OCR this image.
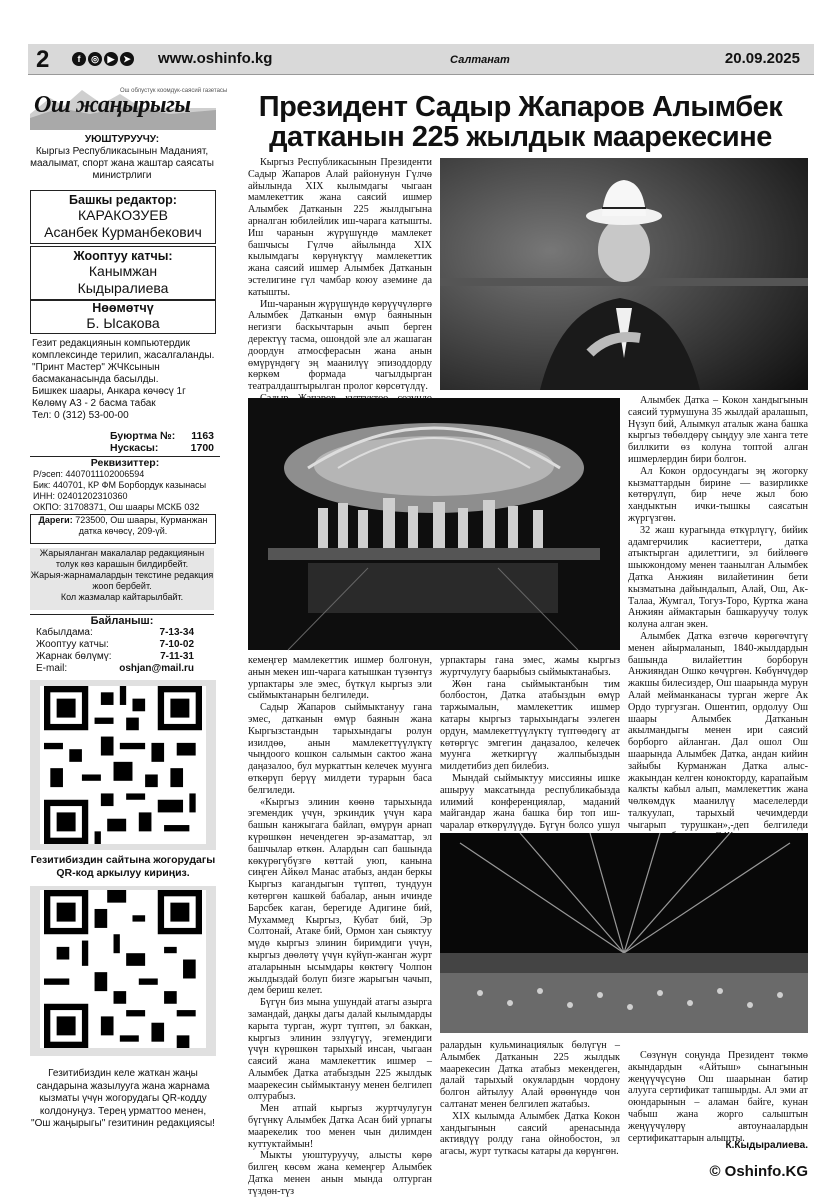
2	f	◎ ▶ ➤ www.oshinfo.kg	Салтанат	20.09.2025
Ош жаңырыгы
Ош облустук коомдук-саясий газетасы
УЮШТУРУУЧУ:
Кыргыз Республикасынын Маданият, маалымат, спорт жана жаштар саясаты министрлиги
Башкы редактор:
КАРАКОЗУЕВ
Асанбек Курманбекович
Жооптуу катчы:
Канымжан
Кыдыралиева
Нөөмөтчү
Б. Ысакова
Гезит редакциянын компьютердик комплексинде терилип, жасалгаланды. "Принт Мастер" ЖЧКсынын басмаканасында басылды.
Бишкек шаары, Анкара көчөсү 1г
Көлөмү А3 - 2 басма табак
Тел: 0 (312) 53-00-00
Буюртма №: 1163
Нускасы:	1700
Реквизиттер:
Р/эсеп: 4407011102006594
Бик: 440701, КР ФМ Борбордук казынасы
ИНН: 02401202310360
ОКПО: 31708371, Ош шаары МСКБ 032
Дареги: 723500, Ош шаары, Курманжан датка көчөсү, 209-үй.
Жарыяланган макалалар редакциянын толук көз карашын билдирбейт.
Жарыя-жарнамалардын текстине редакция жооп бербейт.
Кол жазмалар кайтарылбайт.
Байланыш:
Кабылдама:	7-13-34
Жооптуу катчы:	7-10-02
Жарнак бөлүмү:	7-11-31
E-mail:	oshjan@mail.ru
Гезитибиздин сайтына жогорудагы QR-код аркылуу кириңиз.
Гезитибиздин келе жаткан жаңы сандарына жазылууга жана жарнама кызматы үчүн жогорудагы QR-кодду колдонуңуз. Терең урматтоо менен, "Ош жаңырыгы" гезитинин редакциясы!
Президент Садыр Жапаров Алымбек датканын 225 жылдык маарекесине

Кыргыз Республикасынын Президенти Садыр Жапаров Алай районунун Гүлчө айылында XIX кылымдагы чыгаан мамлекеттик жана саясий ишмер Алымбек Датканын 225 жылдыгына арналган юбилейлик иш-чарага катышты. Иш чаранын жүрүшүндө мамлекет башчысы Гүлчө айылында XIX кылымдагы көрүнүктүү мамлекеттик жана саясий ишмер Алымбек Датканын эстелигине гүл чамбар коюу аземине да катышты.

Иш-чаранын жүрүшүндө көрүүчүлөргө Алымбек Датканын өмүр баянынын негизги баскычтарын ачып берген деректүү тасма, ошондой эле ал жашаган доордун атмосферасын жана анын өмүрүндөгү эң маанилүү эпизоддорду көркөм формада чагылдырган театралдаштырылган пролог көрсөтүлдү.

кемеңгер мамлекеттик ишмер болгонун, анын мекен иш-чарага катышкан түзөнтүз урпактары эле эмес, бүткүл кыргыз эли сыймыктанарын белгиледи.

Садыр Жапаров сыймыктануу гана эмес, датканын өмүр баянын жана Кыргызстандын тарыхындагы ролун изилдөө, анын мамлекеттүүлүктү чыңдоого кошкон салымын сактоо жана даңазалоо, бул муркаттын келечек муунга өткөрүп берүү милдети турарын баса белгиледи.

«Кыргыз элинин көөнө тарыхында эгемендик үчүн, эркиндик үчүн кара башын канжыгага байлап, өмүрүн арнап күрөшкөн нечендеген эр-азаматтар, эл башчылар өткөн. Алардын сап башында көкүрөгүбүзгө көттай уюп, канына сиңген Айкөл Манас атабыз, андан беркы Кыргыз кагандыгын түптөп, тундуун көтөргөн кашкөй бабалар, анын ичинде Барсбек каган, берегиде Адигине бий, Мухаммед Кыргыз, Кубат бий, Эр Солтонай, Атаке бий, Ормон хан сыяктуу мүдө кыргыз элинин биримдиги үчүн, кыргыз дөөлөтү үчүн күйүп-жанган журт аталарынын ысымдары көктөгү Чолпон жылдыздай болуп бизге жарыгын чачып, дем бериш келет.

Бүгүн биз мына ушундай атагы азырга замандай, даңкы дагы далай кылымдарды карыта турган, журт түптөп, эл баккан, кыргыз элинин эзлүүгүү, эгемендиги үчүн күрөшкөн тарыхый инсан, чыгаан саясий жана мамлекеттик ишмер – Алымбек Датка атабыздын 225 жылдык маарекесин сыймыктануу менен белгилеп олтурабыз.

Мен атпай кыргыз журтчулугун бүгүнкү Алымбек Датка Асан бий урпагы маарекелик тоо менен чын дилимден куттуктаймын!

Мыкты уюштуруучу, алысты көрө билгең көсөм жана кемеңгер Алымбек Датка менен анын мында олтурган түздөн-түз

урпактары гана эмес, жамы кыргыз журтчулугу баарыбыз сыймыктанабыз.

Жөн гана сыймыктанбын тим болбостон, Датка атабыздын өмүр таржымалын, мамлекеттик ишмер катары кыргыз тарыхындагы ээлеген ордун, мамлекеттүүлүктү түптөөдөгү ат көтөргүс эмгегин даңазалоо, келечек муунга жеткиргүү жалпыбыздын милдетибиз деп билебиз.

Мындай сыймыктуу миссияны ишке ашыруу максатында республикабызда илимий конференциялар, маданий майгандар жана башка бир топ иш-чаралар өткөрүлүүдө. Бүгүн болсо ушул

Алымбек Датка – Кокон хандыгынын саясий турмушуна 35 жылдай аралашып, Нүзуп бий, Алымкул аталык жана башка кыргыз төбөлдөрү сыңдуу эле ханга тете биллкити өз колуна топтой алган ишмерлердин бири болгон.

Ал Кокон ордосундагы эң жогорку кызматтардын бирине — вазирликке көтөрүлүп, бир нече жыл бою хандыктын ички-тышкы саясатын жүргүзгөн.

32 жаш курагында өткүрлүгү, бийик адамгерчилик касиеттери, датка атыктырган адилеттиги, эл бийлөөгө шыкжондому менен таанылган Алымбек Датка Анжиян вилайетинин бети кызматына дайындалып, Алай, Ош, Ак-Талаа, Жумгал, Тогуз-Торо, Куртка жана Анжиян аймактарын башкаруучу толук колуна алган экен.

Алымбек Датка өзгөчө көрөгөчтүгү менен айырмаланып, 1840-жылдардын башында вилайеттин борборун Анжияндан Ошко көчүргөн. Көбүнчүдөр жакшы билесиздер, Ош шаарында мурун Алай мейманканасы турган жерге Ак Ордо тургузган. Ошентип, ордолуу Ош шаары Алымбек Датканын акылмандыгы менен ири саясий борборго айланган. Дал ошол Ош шаарында Алымбек Датка, андан кийин зайыбы Курманжан Датка алыс-жакындан келген конокторду, карапайым калкты кабыл алып, мамлекеттик жана чөлкөмдүк маанилүү маселелерди талкуулап, тарыхый чечимдерди чыгарып турушкан»,-деп белгиледи

ралардын кульминациялык бөлүгүн – Алымбек Датканын 225 жылдык маарекесин Датка атабыз мекендеген, далай тарыхый окуялардын чордону болгон айтылуу Алай өрөөнүндө чон салтанат менен белгилеп жатабыз.

XIX кылымда Алымбек Датка Кокон хандыгынын саясий аренасында активдүү ролду гана ойнобостон, эл агасы, журт туткасы катары да көрүнгөн.

Сөзүнүн соңунда Президент төкмө акындардын «Айтыш» сынагынын жеңүүчүсүнө Ош шаарынан батир алууга сертификат тапшырды. Ал эми ат оюндарынын – аламан байге, кунан чабыш жана жорго салыштын жеңүүчүлөрү автоунаалардын сертификаттарын алышты.

К.Кыдыралиева.
© Oshinfo.KG
